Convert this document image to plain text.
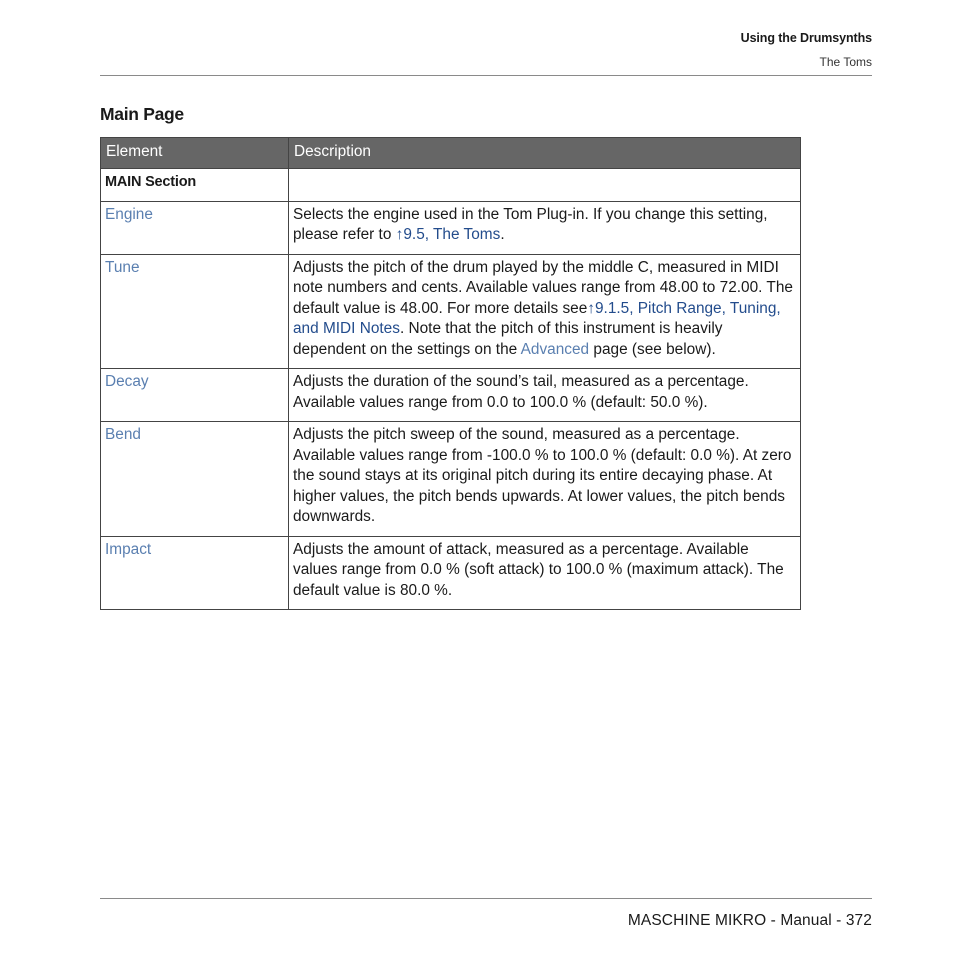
Using the Drumsynths
The Toms
Main Page
Element	Description
MAIN Section	
Engine	Selects the engine used in the Tom Plug-in. If you change this setting, please refer to ↑9.5, The Toms.
Tune	Adjusts the pitch of the drum played by the middle C, measured in MIDI note numbers and cents. Available values range from 48.00 to 72.00. The default value is 48.00. For more details see↑9.1.5, Pitch Range, Tuning, and MIDI Notes. Note that the pitch of this instrument is heavily dependent on the settings on the Advanced page (see below).
Decay	Adjusts the duration of the sound’s tail, measured as a percentage. Available values range from 0.0 to 100.0 % (default: 50.0 %).
Bend	Adjusts the pitch sweep of the sound, measured as a percentage. Available values range from -100.0 % to 100.0 % (default: 0.0 %). At zero the sound stays at its original pitch during its entire decaying phase. At higher values, the pitch bends upwards. At lower values, the pitch bends downwards.
Impact	Adjusts the amount of attack, measured as a percentage. Available values range from 0.0 % (soft attack) to 100.0 % (maximum attack). The default value is 80.0 %.
MASCHINE MIKRO - Manual - 372
